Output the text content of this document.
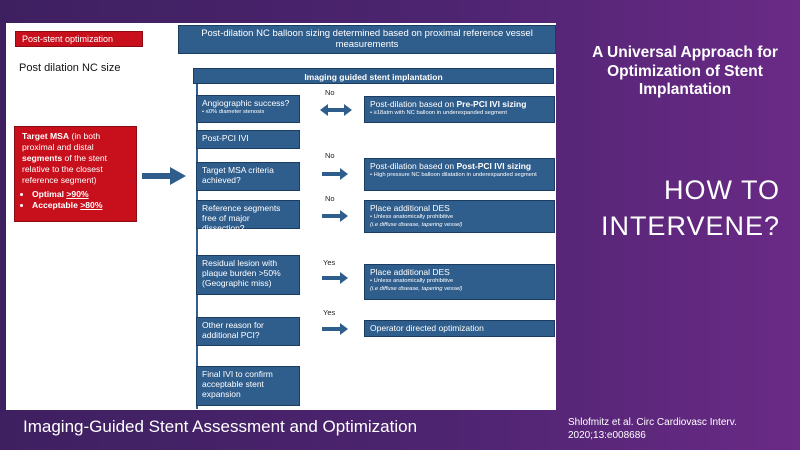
Post-stent optimization
Post dilation NC size
Post-dilation NC balloon sizing determined based on proximal reference vessel measurements
Imaging guided stent implantation
Target MSA (in both proximal and distal segments of the stent relative to the closest reference segment)
• Optimal >90%
• Acceptable >80%
Angiographic success?
• ≤0% diameter stenosis
Post-PCI IVI
Target MSA criteria achieved?
Reference segments free of major dissection?
Residual lesion with plaque burden >50% (Geographic miss)
Other reason for additional PCI?
Final IVI to confirm acceptable stent expansion
No
No
No
Yes
Yes
Post-dilation based on Pre-PCI IVI sizing
• ≥18atm with NC balloon in underexpanded segment
Post-dilation based on Post-PCI IVI sizing
• High pressure NC balloon dilatation in underexpanded segment
Place additional DES
• Unless anatomically prohibitive
(i.e diffuse disease, tapering vessel)
Place additional DES
• Unless anatomically prohibitive
(i.e diffuse disease, tapering vessel)
Operator directed optimization
A Universal Approach for Optimization of Stent Implantation
HOW TO INTERVENE?
Imaging-Guided Stent Assessment and Optimization	Shlofmitz et al. Circ Cardiovasc Interv. 2020;13:e008686
